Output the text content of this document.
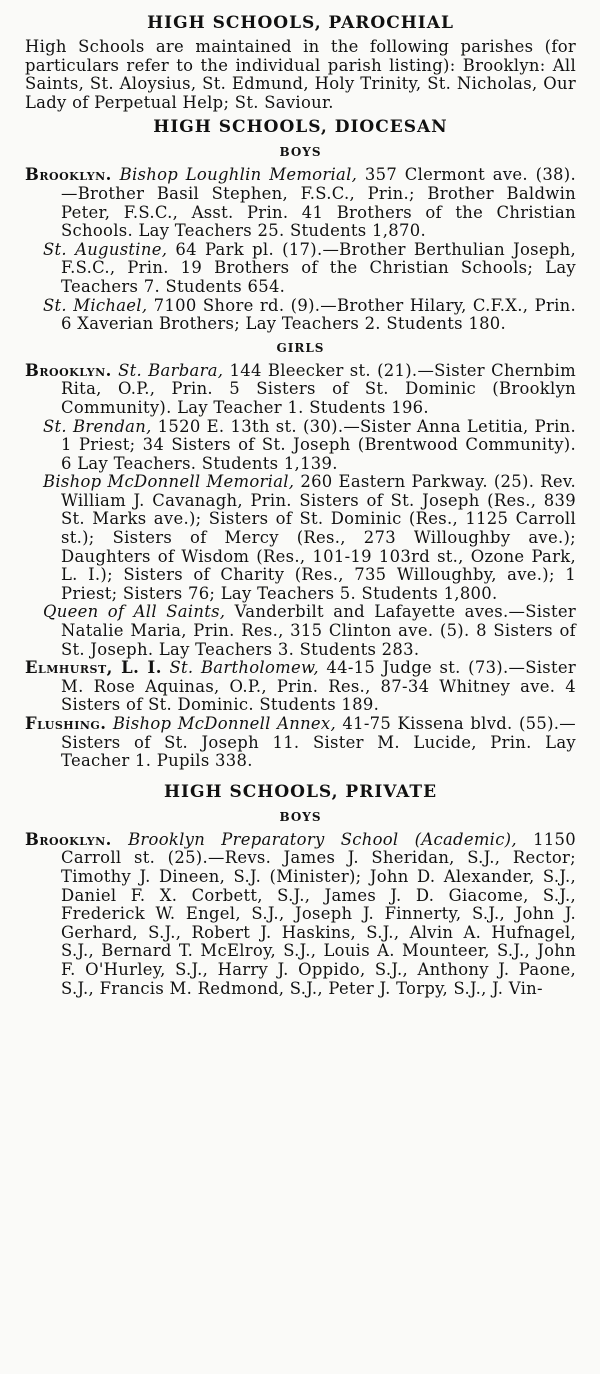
HIGH SCHOOLS, PAROCHIAL

High Schools are maintained in the following parishes (for particulars refer to the individual parish listing): Brooklyn: All Saints, St. Aloysius, St. Edmund, Holy Trinity, St. Nicholas, Our Lady of Perpetual Help; St. Saviour.

HIGH SCHOOLS, DIOCESAN
BOYS

Brooklyn. Bishop Loughlin Memorial, 357 Clermont ave. (38).—Brother Basil Stephen, F.S.C., Prin.; Brother Baldwin Peter, F.S.C., Asst. Prin. 41 Brothers of the Christian Schools. Lay Teachers 25. Students 1,870.

St. Augustine, 64 Park pl. (17).—Brother Berthulian Joseph, F.S.C., Prin. 19 Brothers of the Christian Schools; Lay Teachers 7. Students 654.

St. Michael, 7100 Shore rd. (9).—Brother Hilary, C.F.X., Prin. 6 Xaverian Brothers; Lay Teachers 2. Students 180.

GIRLS

Brooklyn. St. Barbara, 144 Bleecker st. (21).—Sister Chernbim Rita, O.P., Prin. 5 Sisters of St. Dominic (Brooklyn Community). Lay Teacher 1. Students 196.

St. Brendan, 1520 E. 13th st. (30).—Sister Anna Letitia, Prin. 1 Priest; 34 Sisters of St. Joseph (Brentwood Community). 6 Lay Teachers. Students 1,139.

Bishop McDonnell Memorial, 260 Eastern Parkway. (25). Rev. William J. Cavanagh, Prin. Sisters of St. Joseph (Res., 839 St. Marks ave.); Sisters of St. Dominic (Res., 1125 Carroll st.); Sisters of Mercy (Res., 273 Willoughby ave.); Daughters of Wisdom (Res., 101-19 103rd st., Ozone Park, L. I.); Sisters of Charity (Res., 735 Willoughby, ave.); 1 Priest; Sisters 76; Lay Teachers 5. Students 1,800.

Queen of All Saints, Vanderbilt and Lafayette aves.—Sister Natalie Maria, Prin. Res., 315 Clinton ave. (5). 8 Sisters of St. Joseph. Lay Teachers 3. Students 283.

Elmhurst, L. I. St. Bartholomew, 44-15 Judge st. (73).—Sister M. Rose Aquinas, O.P., Prin. Res., 87-34 Whitney ave. 4 Sisters of St. Dominic. Students 189.

Flushing. Bishop McDonnell Annex, 41-75 Kissena blvd. (55).—Sisters of St. Joseph 11. Sister M. Lucide, Prin. Lay Teacher 1. Pupils 338.

HIGH SCHOOLS, PRIVATE
BOYS

Brooklyn. Brooklyn Preparatory School (Academic), 1150 Carroll st. (25).—Revs. James J. Sheridan, S.J., Rector; Timothy J. Dineen, S.J. (Minister); John D. Alexander, S.J., Daniel F. X. Corbett, S.J., James J. D. Giacome, S.J., Frederick W. Engel, S.J., Joseph J. Finnerty, S.J., John J. Gerhard, S.J., Robert J. Haskins, S.J., Alvin A. Hufnagel, S.J., Bernard T. McElroy, S.J., Louis A. Mounteer, S.J., John F. O'Hurley, S.J., Harry J. Oppido, S.J., Anthony J. Paone, S.J., Francis M. Redmond, S.J., Peter J. Torpy, S.J., J. Vin-
